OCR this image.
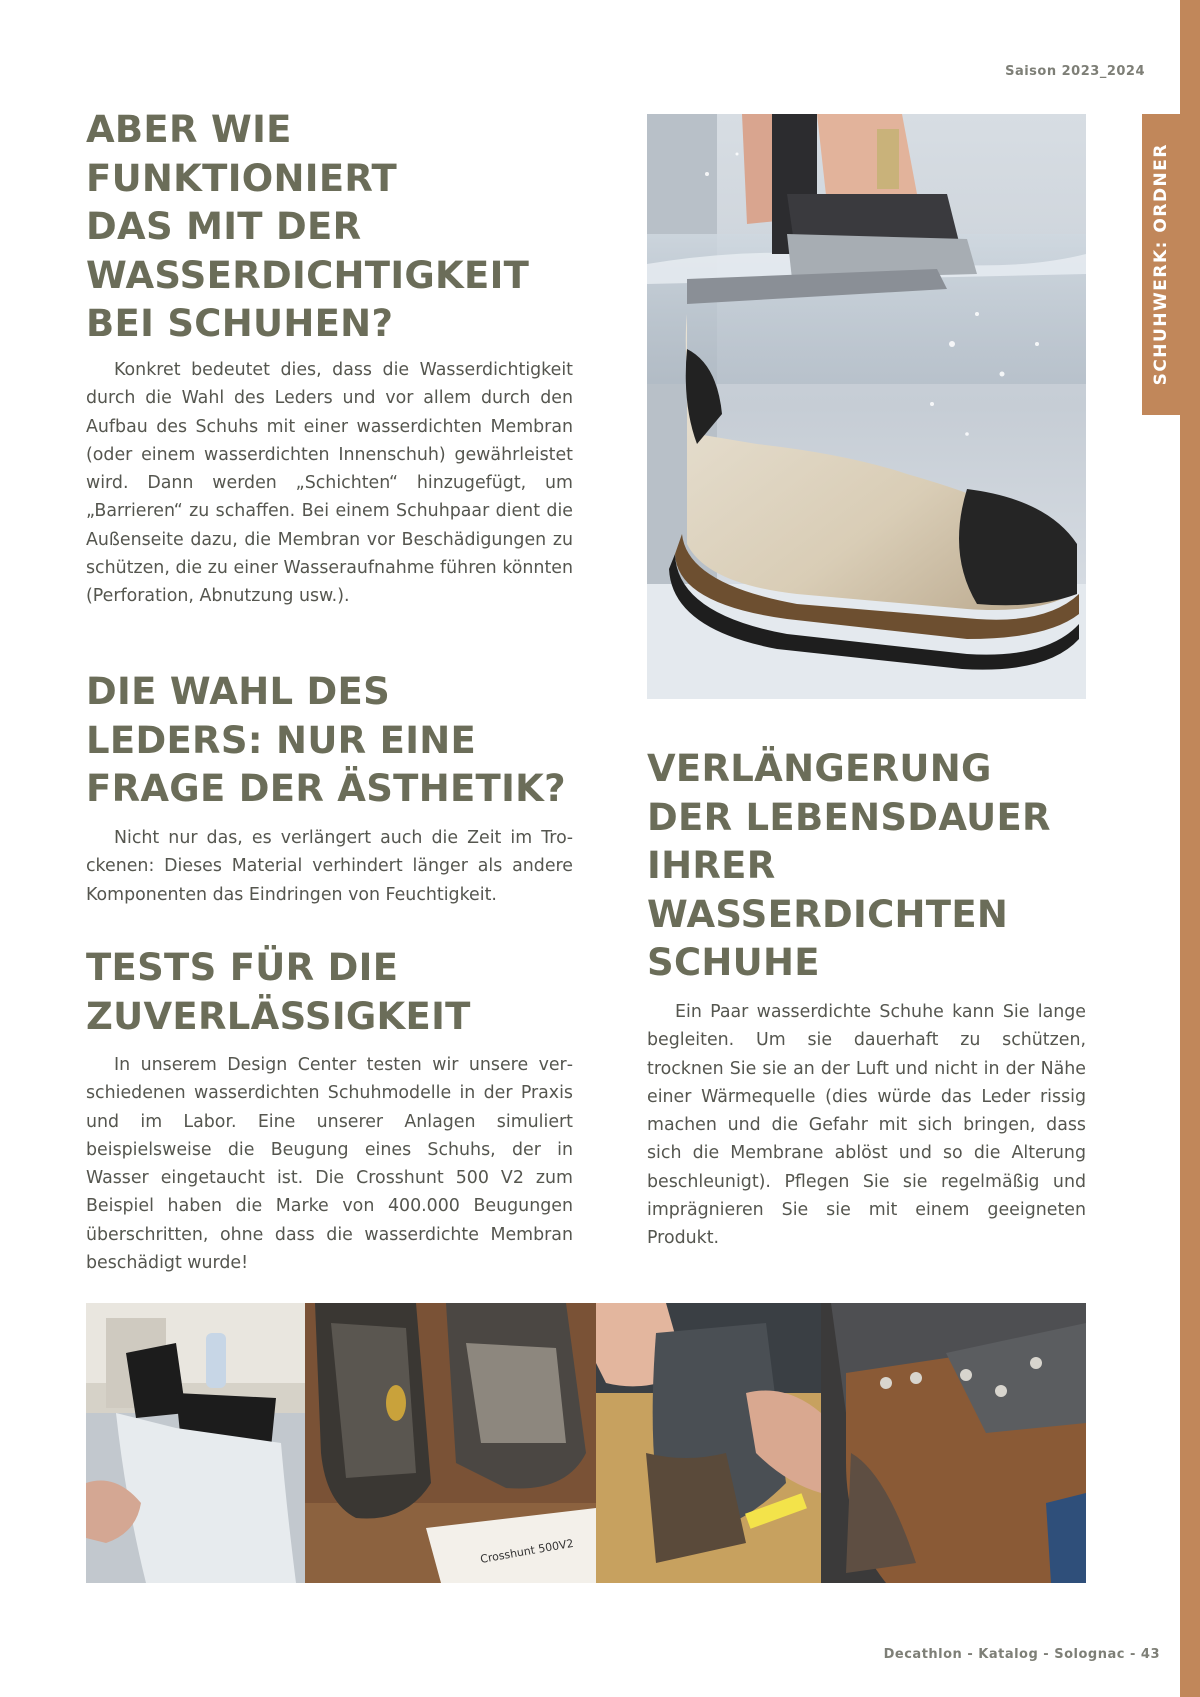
Saison 2023_2024
SCHUHWERK: ORDNER
ABER WIE
FUNKTIONIERT
DAS MIT DER
WASSERDICHTIGKEIT
BEI SCHUHEN?

Konkret bedeutet dies, dass die Wasserdichtigkeit durch die Wahl des Leders und vor allem durch den Aufbau des Schuhs mit einer wasserdichten Membran (oder einem wasserdichten Innenschuh) gewährleistet wird. Dann werden „Schichten“ hinzugefügt, um „Barrieren“ zu schaffen. Bei einem Schuhpaar dient die Außenseite dazu, die Membran vor Beschädigungen zu schützen, die zu einer Wasseraufnahme führen könnten (Perforation, Abnutzung usw.).

DIE WAHL DES
LEDERS: NUR EINE
FRAGE DER ÄSTHETIK?

Nicht nur das, es verlängert auch die Zeit im Trockenen: Dieses Material verhindert länger als andere Komponenten das Eindringen von Feuchtigkeit.

TESTS FÜR DIE
ZUVERLÄSSIGKEIT

In unserem Design Center testen wir unsere verschiedenen wasserdichten Schuhmodelle in der Praxis und im Labor. Eine unserer Anlagen simuliert beispielsweise die Beugung eines Schuhs, der in Wasser eingetaucht ist. Die Crosshunt 500 V2 zum Beispiel haben die Marke von 400.000 Beugungen überschritten, ohne dass die wasserdichte Membran beschädigt wurde!

VERLÄNGERUNG
DER LEBENSDAUER
IHRER
WASSERDICHTEN
SCHUHE

Ein Paar wasserdichte Schuhe kann Sie lange begleiten. Um sie dauerhaft zu schützen, trocknen Sie sie an der Luft und nicht in der Nähe einer Wärmequelle (dies würde das Leder rissig machen und die Gefahr mit sich bringen, dass sich die Membrane ablöst und so die Alterung beschleunigt). Pflegen Sie sie regelmäßig und imprägnieren Sie sie mit einem geeigneten Produkt.

Crosshunt 500V2
Decathlon - Katalog - Solognac - 43
